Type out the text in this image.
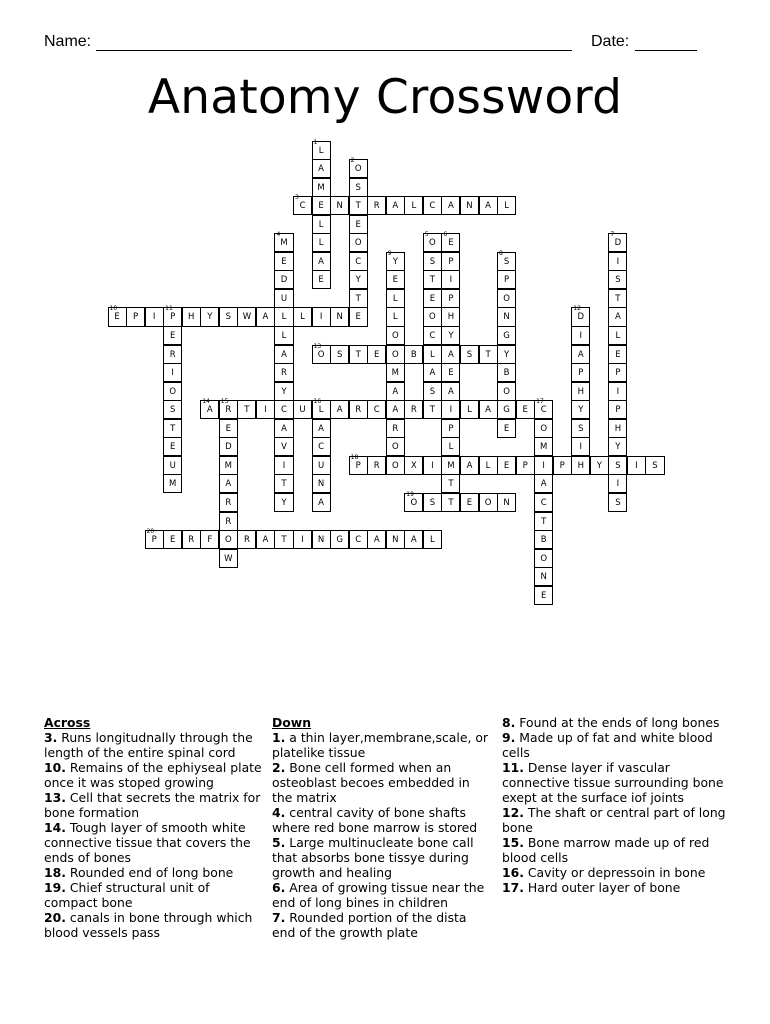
Name:	Date:
Anatomy Crossword
C
3
E	N	T	R	A	L	C	A	N	A	L
E
10
P	I	P
11
H	Y	S	W	A	L	L	I	N	E
O
13
S	T	E	O	B	L	A	S	T
A
14
R
15
T	I	C	U	L
16
A	R	C	A	R	T	I	L	A	G	E
P
18
R	O	X	I	M	A	L	E	P	I	P	H	Y	S	I	S
O
19
S	T	E	O	N
P
20
E	R	F	O	R	A	T	I	N	G	C	A	N	A	L
L
1
A
M
L
L
A
E
O
2
S
E
O
C
Y
T
M
4
E
D
U
L
A
R
Y
A
V
I
T
Y
O
5
S
T
E
O
C
A
S
E
6
P
I
P
H
Y
E
A
P
L
T
D
7
I
S
T
A
L
E
P
I
P
H
Y
I
S
S
8
P
O
N
G
Y
B
O
E
Y
9
E
L
L
O
M
A
R
O
E
R
I
O
S
T
E
U
M
D
12
I
A
P
H
Y
S
I
E
D
M
A
R
R
W
A
C
U
N
A
C
17
O
M
A
C
T
B
O
N
E
Across
3. Runs longitudnally through the length of the entire spinal cord
10. Remains of the ephiyseal plate once it was stoped growing
13. Cell that secrets the matrix for bone formation
14. Tough layer of smooth white connective tissue that covers the ends of bones
18. Rounded end of long bone
19. Chief structural unit of compact bone
20. canals in bone through which blood vessels pass
Down
1. a thin layer,membrane,scale, or platelike tissue
2. Bone cell formed when an osteoblast becoes embedded in the matrix
4. central cavity of bone shafts where red bone marrow is stored
5. Large multinucleate bone call that absorbs bone tissye during growth and healing
6. Area of growing tissue near the end of long bines in children
7. Rounded portion of the dista end of the growth plate
8. Found at the ends of long bones
9. Made up of fat and white blood cells
11. Dense layer if vascular connective tissue surrounding bone exept at the surface iof joints
12. The shaft or central part of long bone
15. Bone marrow made up of red blood cells
16. Cavity or depressoin in bone
17. Hard outer layer of bone
